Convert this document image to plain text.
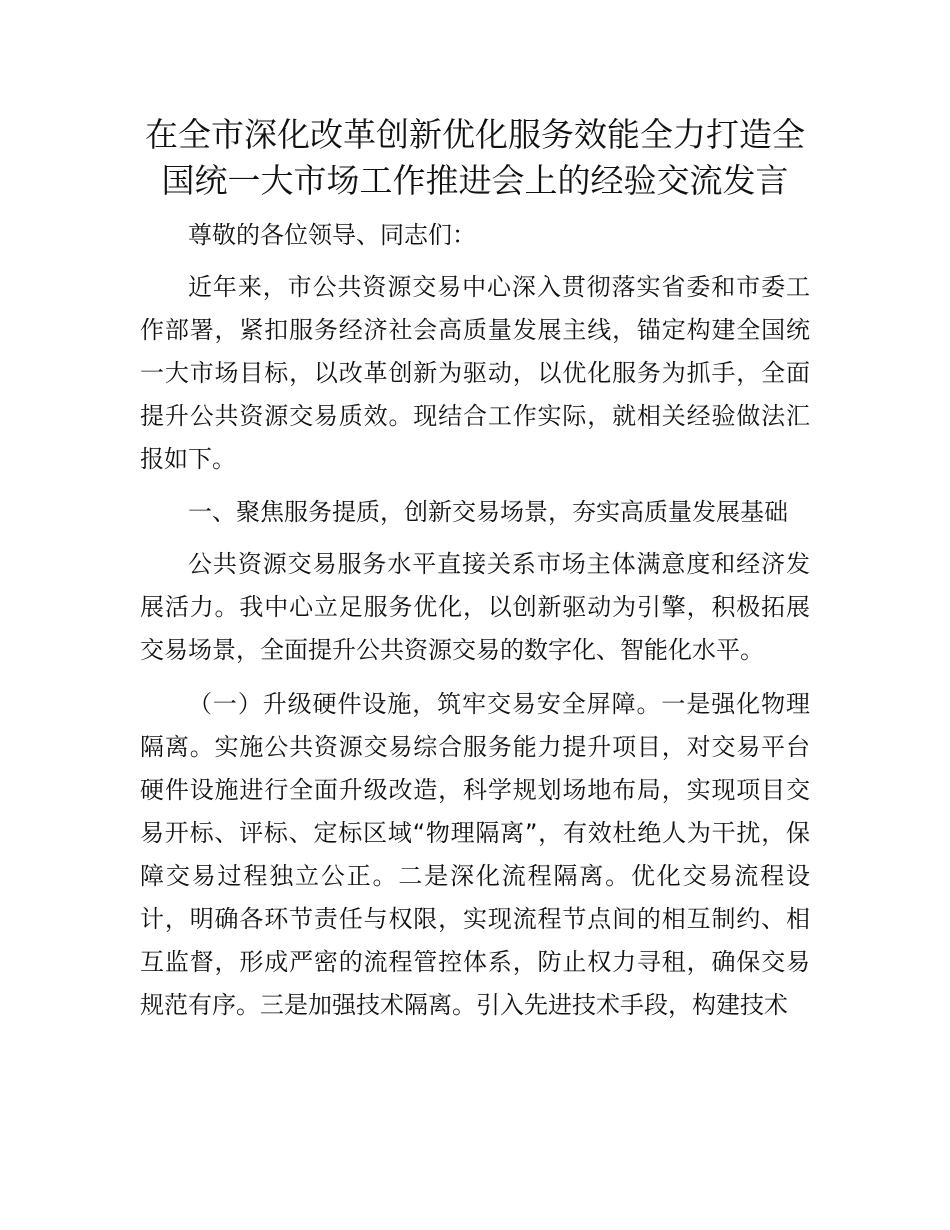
在全市深化改革创新优化服务效能全力打造全
国统一大市场工作推进会上的经验交流发言

尊敬的各位领导、同志们：

近年来，市公共资源交易中心深入贯彻落实省委和市委工作部署，紧扣服务经济社会高质量发展主线，锚定构建全国统一大市场目标，以改革创新为驱动，以优化服务为抓手，全面提升公共资源交易质效。现结合工作实际，就相关经验做法汇报如下。

一、聚焦服务提质，创新交易场景，夯实高质量发展基础

公共资源交易服务水平直接关系市场主体满意度和经济发展活力。我中心立足服务优化，以创新驱动为引擎，积极拓展交易场景，全面提升公共资源交易的数字化、智能化水平。

（一）升级硬件设施，筑牢交易安全屏障。一是强化物理隔离。实施公共资源交易综合服务能力提升项目，对交易平台硬件设施进行全面升级改造，科学规划场地布局，实现项目交易开标、评标、定标区域“物理隔离”，有效杜绝人为干扰，保障交易过程独立公正。二是深化流程隔离。优化交易流程设计，明确各环节责任与权限，实现流程节点间的相互制约、相互监督，形成严密的流程管控体系，防止权力寻租，确保交易规范有序。三是加强技术隔离。引入先进技术手段，构建技术
